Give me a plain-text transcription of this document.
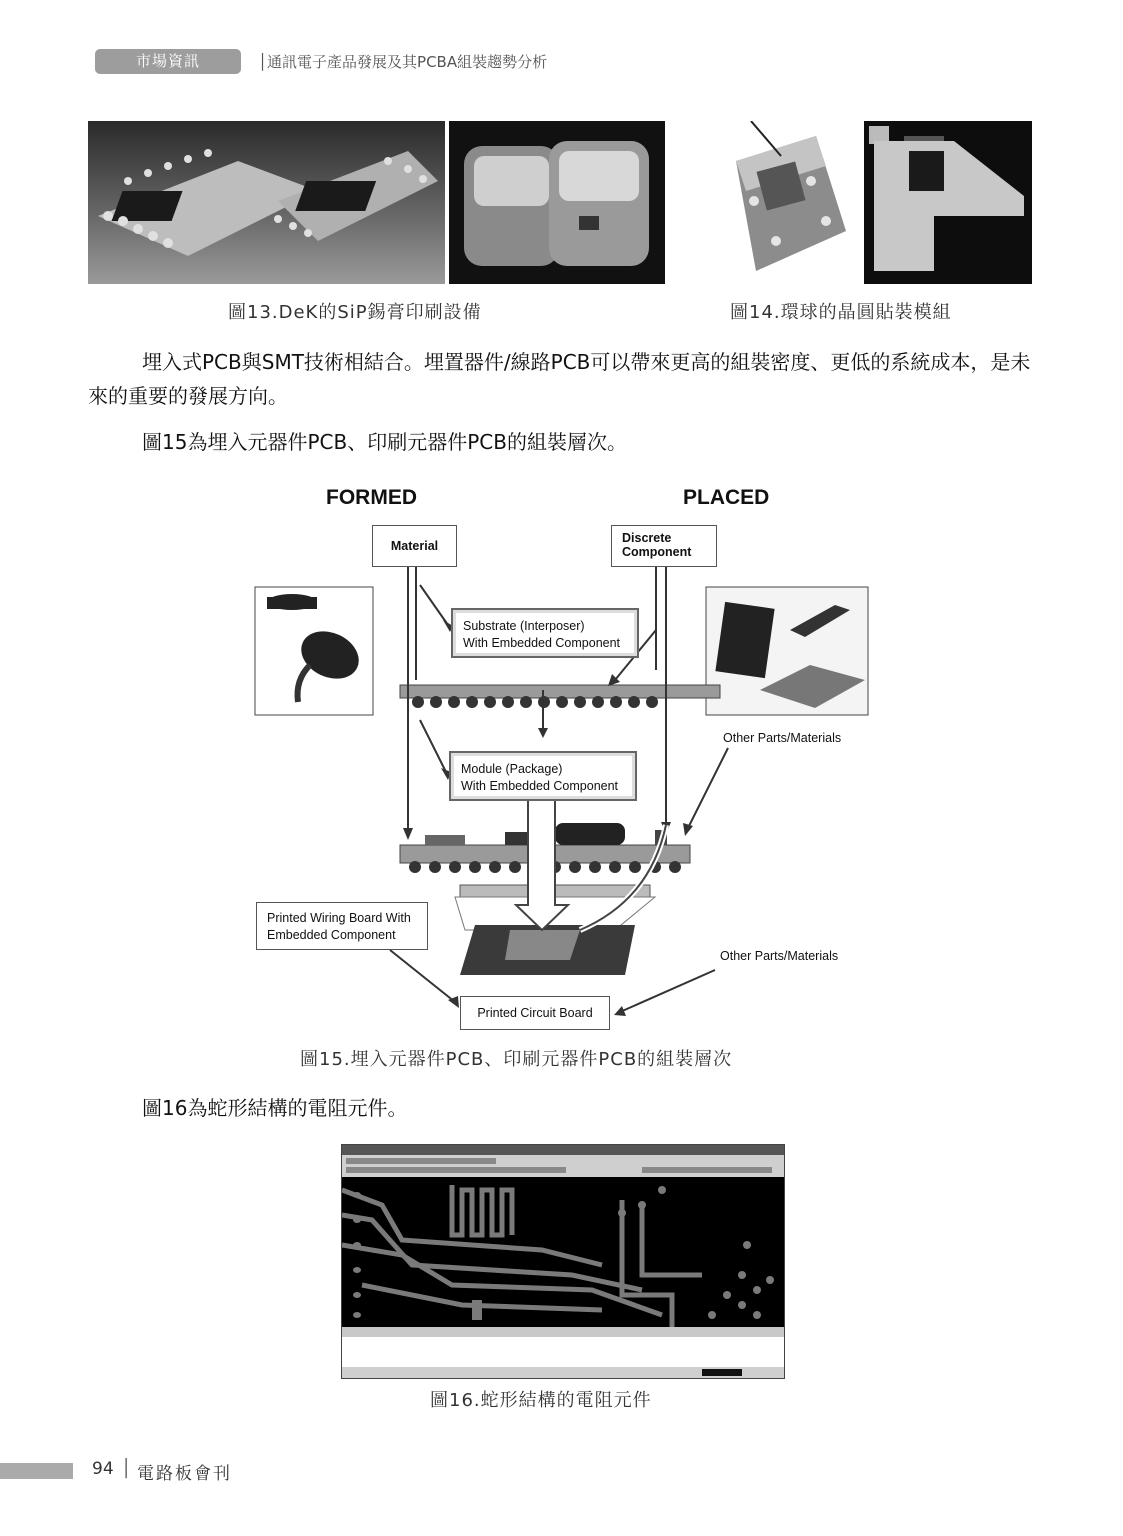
市場資訊	│通訊電子產品發展及其PCBA組裝趨勢分析
圖13.DeK的SiP錫膏印刷設備	圖14.環球的晶圓貼裝模組
埋入式PCB與SMT技術相結合。埋置器件/線路PCB可以帶來更高的組裝密度、更低的系統成本，是未來的重要的發展方向。
圖15為埋入元器件PCB、印刷元器件PCB的組裝層次。
FORMED	PLACED
Material
Discrete
Component
Substrate (Interposer)
With Embedded Component
Module (Package)
With Embedded Component
Other Parts/Materials
Printed Wiring Board With
Embedded Component
Other Parts/Materials
Printed Circuit Board
圖15.埋入元器件PCB、印刷元器件PCB的組裝層次
圖16為蛇形結構的電阻元件。
圖16.蛇形結構的電阻元件
94 │ 電路板會刊
